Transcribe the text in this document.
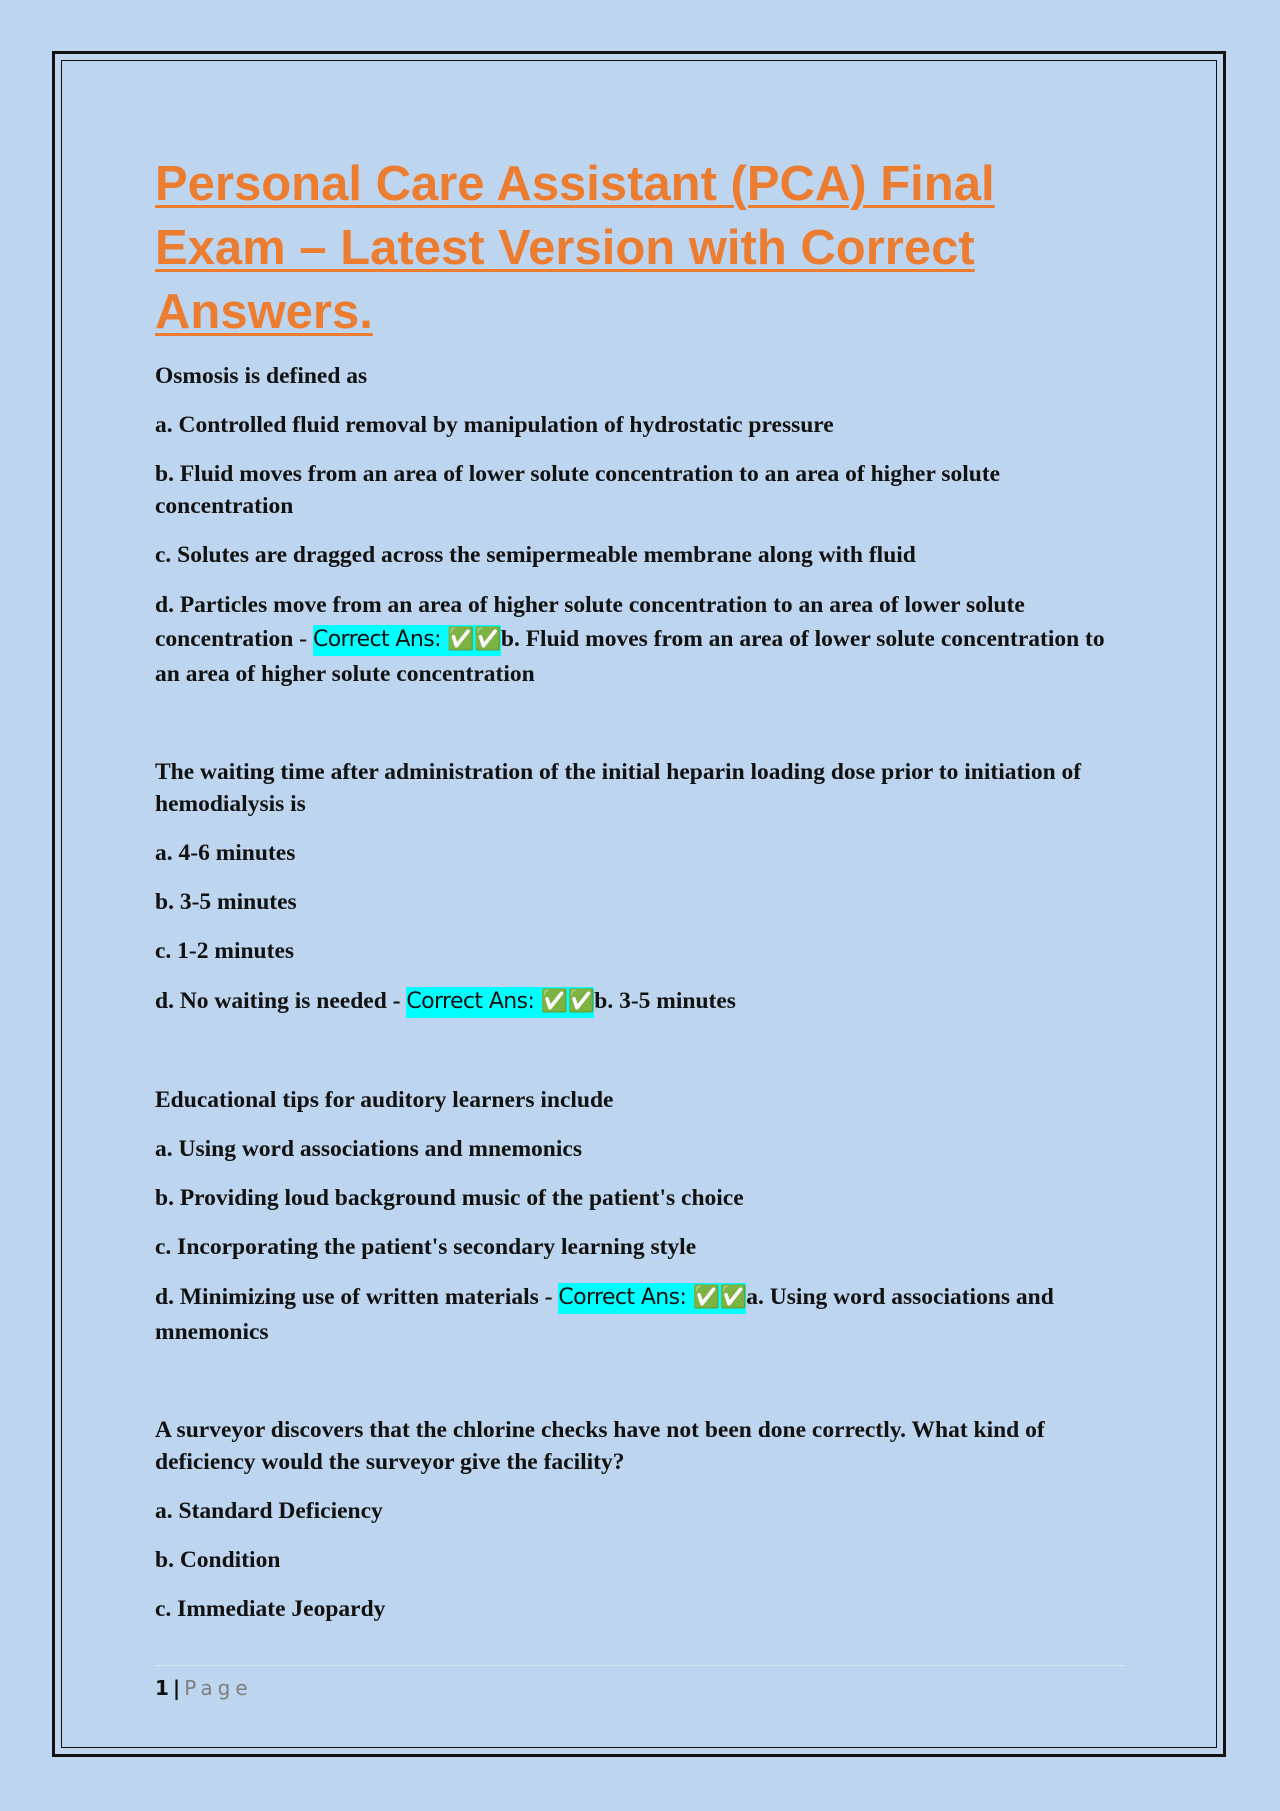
Personal Care Assistant (PCA) Final Exam – Latest Version with Correct Answers.

Osmosis is defined as

a. Controlled fluid removal by manipulation of hydrostatic pressure

b. Fluid moves from an area of lower solute concentration to an area of higher solute concentration

c. Solutes are dragged across the semipermeable membrane along with fluid

d. Particles move from an area of higher solute concentration to an area of lower solute concentration - Correct Ans: ✅✅b. Fluid moves from an area of lower solute concentration to an area of higher solute concentration

The waiting time after administration of the initial heparin loading dose prior to initiation of hemodialysis is

a. 4-6 minutes

b. 3-5 minutes

c. 1-2 minutes

d. No waiting is needed - Correct Ans: ✅✅b. 3-5 minutes

Educational tips for auditory learners include

a. Using word associations and mnemonics

b. Providing loud background music of the patient's choice

c. Incorporating the patient's secondary learning style

d. Minimizing use of written materials - Correct Ans: ✅✅a. Using word associations and mnemonics

A surveyor discovers that the chlorine checks have not been done correctly. What kind of deficiency would the surveyor give the facility?

a. Standard Deficiency

b. Condition

c. Immediate Jeopardy

1 | Page
